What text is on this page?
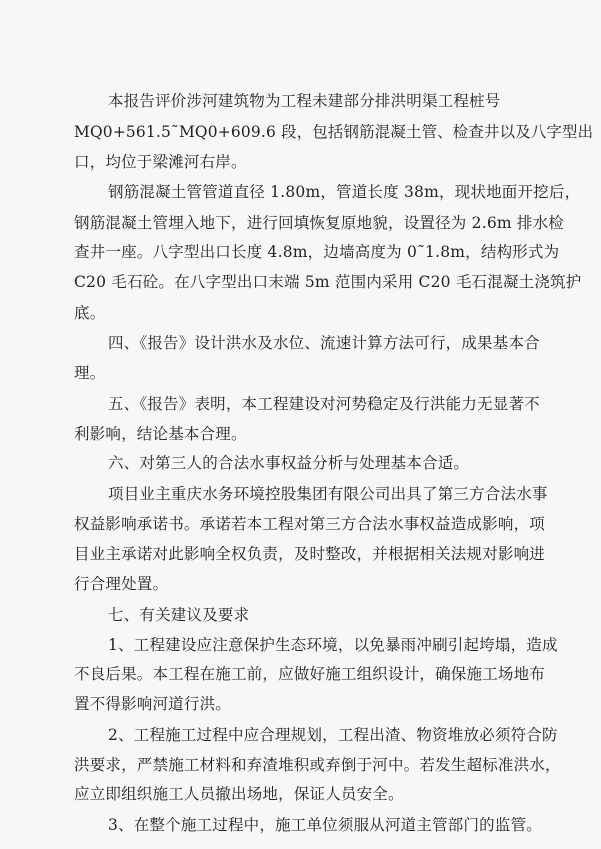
本报告评价涉河建筑物为工程未建部分排洪明渠工程桩号
MQ0+561.5˜MQ0+609.6 段，包括钢筋混凝土管、检查井以及八字型出
口，均位于梁滩河右岸。
钢筋混凝土管管道直径 1.80m，管道长度 38m，现状地面开挖后，
钢筋混凝土管埋入地下，进行回填恢复原地貌，设置径为 2.6m 排水检
查井一座。八字型出口长度 4.8m，边墙高度为 0˜1.8m，结构形式为
C20 毛石砼。在八字型出口末端 5m 范围内采用 C20 毛石混凝土浇筑护
底。
四、《报告》设计洪水及水位、流速计算方法可行，成果基本合
理。
五、《报告》表明，本工程建设对河势稳定及行洪能力无显著不
利影响，结论基本合理。
六、对第三人的合法水事权益分析与处理基本合适。
项目业主重庆水务环境控股集团有限公司出具了第三方合法水事
权益影响承诺书。承诺若本工程对第三方合法水事权益造成影响，项
目业主承诺对此影响全权负责，及时整改，并根据相关法规对影响进
行合理处置。
七、有关建议及要求
1、工程建设应注意保护生态环境，以免暴雨冲刷引起垮塌，造成
不良后果。本工程在施工前，应做好施工组织设计，确保施工场地布
置不得影响河道行洪。
2、工程施工过程中应合理规划，工程出渣、物资堆放必须符合防
洪要求，严禁施工材料和弃渣堆积或弃倒于河中。若发生超标准洪水，
应立即组织施工人员撤出场地，保证人员安全。
3、在整个施工过程中，施工单位须服从河道主管部门的监管。
